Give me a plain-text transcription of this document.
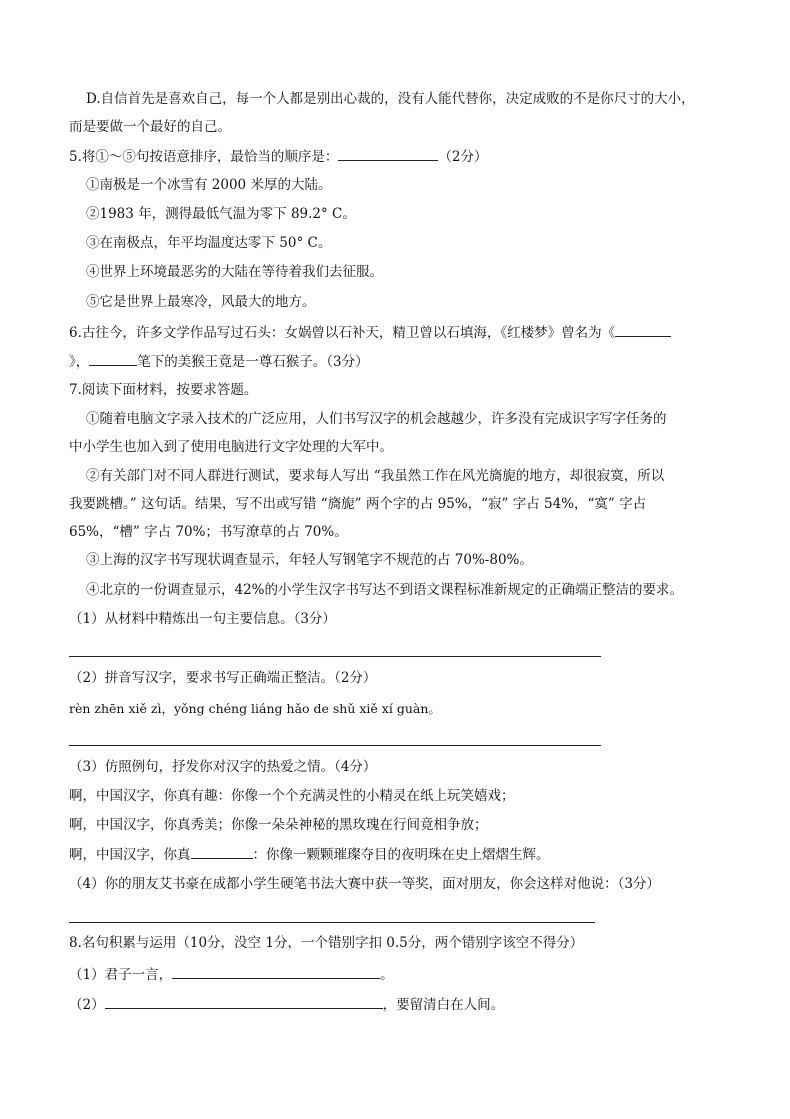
D.自信首先是喜欢自己，每一个人都是别出心裁的，没有人能代替你，决定成败的不是你尺寸的大小，
而是要做一个最好的自己。
5.将①～⑤句按语意排序，最恰当的顺序是：	（2分）
①南极是一个冰雪有 2000 米厚的大陆。
②1983 年，测得最低气温为零下 89.2° C。
③在南极点，年平均温度达零下 50° C。
④世界上环境最恶劣的大陆在等待着我们去征服。
⑤它是世界上最寒冷，风最大的地方。
6.古往今，许多文学作品写过石头：女娲曾以石补天，精卫曾以石填海，《红楼梦》曾名为《
》，	笔下的美猴王竟是一尊石猴子。（3分）
7.阅读下面材料，按要求答题。
①随着电脑文字录入技术的广泛应用，人们书写汉字的机会越越少，许多没有完成识字写字任务的
中小学生也加入到了使用电脑进行文字处理的大军中。
②有关部门对不同人群进行测试，要求每人写出 “我虽然工作在风光旖旎的地方，却很寂寞，所以
我要跳槽。” 这句话。结果，写不出或写错 “旖旎” 两个字的占 95%，“寂” 字占 54%，“寞” 字占
65%，“槽” 字占 70%；书写潦草的占 70%。
③上海的汉字书写现状调查显示，年轻人写钢笔字不规范的占 70%-80%。
④北京的一份调查显示，42%的小学生汉字书写达不到语文课程标准新规定的正确端正整洁的要求。
（1）从材料中精炼出一句主要信息。（3分）
（2）拼音写汉字，要求书写正确端正整洁。（2分）
rèn zhēn xiě zì，yǒng chéng liáng hǎo de shǔ xiě xí guàn。
（3）仿照例句，抒发你对汉字的热爱之情。（4分）
啊，中国汉字，你真有趣：你像一个个充满灵性的小精灵在纸上玩笑嬉戏；
啊，中国汉字，你真秀美；你像一朵朵神秘的黑玫瑰在行间竟相争放；
啊，中国汉字，你真	：你像一颗颗璀璨夺目的夜明珠在史上熠熠生辉。
（4）你的朋友艾书豪在成都小学生硬笔书法大赛中获一等奖，面对朋友，你会这样对他说：（3分）
8.名句积累与运用（10分，没空 1分，一个错别字扣 0.5分，两个错别字该空不得分）
（1）君子一言，	。
（2）	，要留清白在人间。
